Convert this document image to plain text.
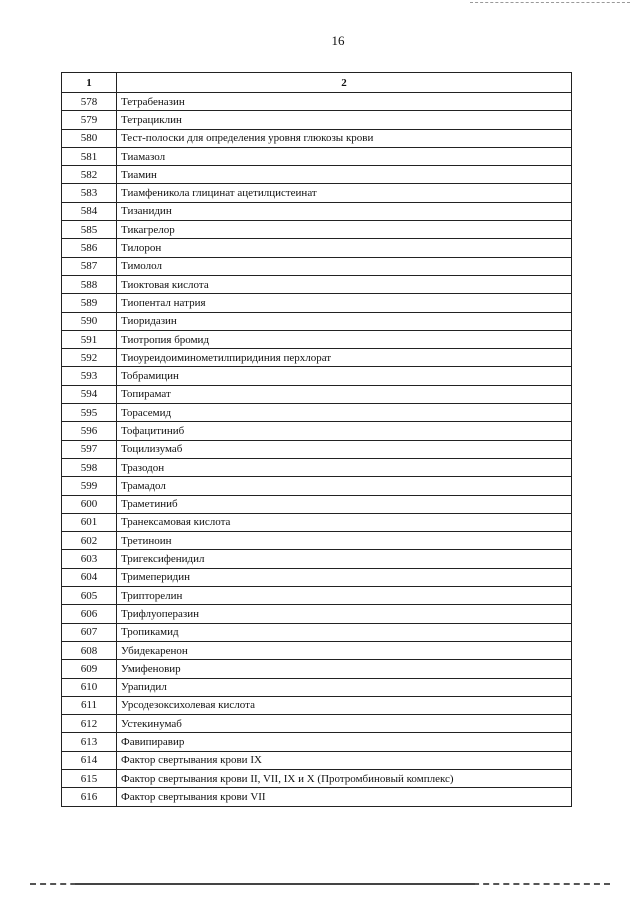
16
1	2
578	Тетрабеназин
579	Тетрациклин
580	Тест-полоски для определения уровня глюкозы крови
581	Тиамазол
582	Тиамин
583	Тиамфеникола глицинат ацетилцистеинат
584	Тизанидин
585	Тикагрелор
586	Тилорон
587	Тимолол
588	Тиоктовая кислота
589	Тиопентал натрия
590	Тиоридазин
591	Тиотропия бромид
592	Тиоуреидоиминометилпиридиния перхлорат
593	Тобрамицин
594	Топирамат
595	Торасемид
596	Тофацитиниб
597	Тоцилизумаб
598	Тразодон
599	Трамадол
600	Траметиниб
601	Транексамовая кислота
602	Третиноин
603	Тригексифенидил
604	Тримеперидин
605	Трипторелин
606	Трифлуоперазин
607	Тропикамид
608	Убидекаренон
609	Умифеновир
610	Урапидил
611	Урсодезоксихолевая кислота
612	Устекинумаб
613	Фавипиравир
614	Фактор свертывания крови IX
615	Фактор свертывания крови II, VII, IX и X (Протромбиновый комплекс)
616	Фактор свертывания крови VII
